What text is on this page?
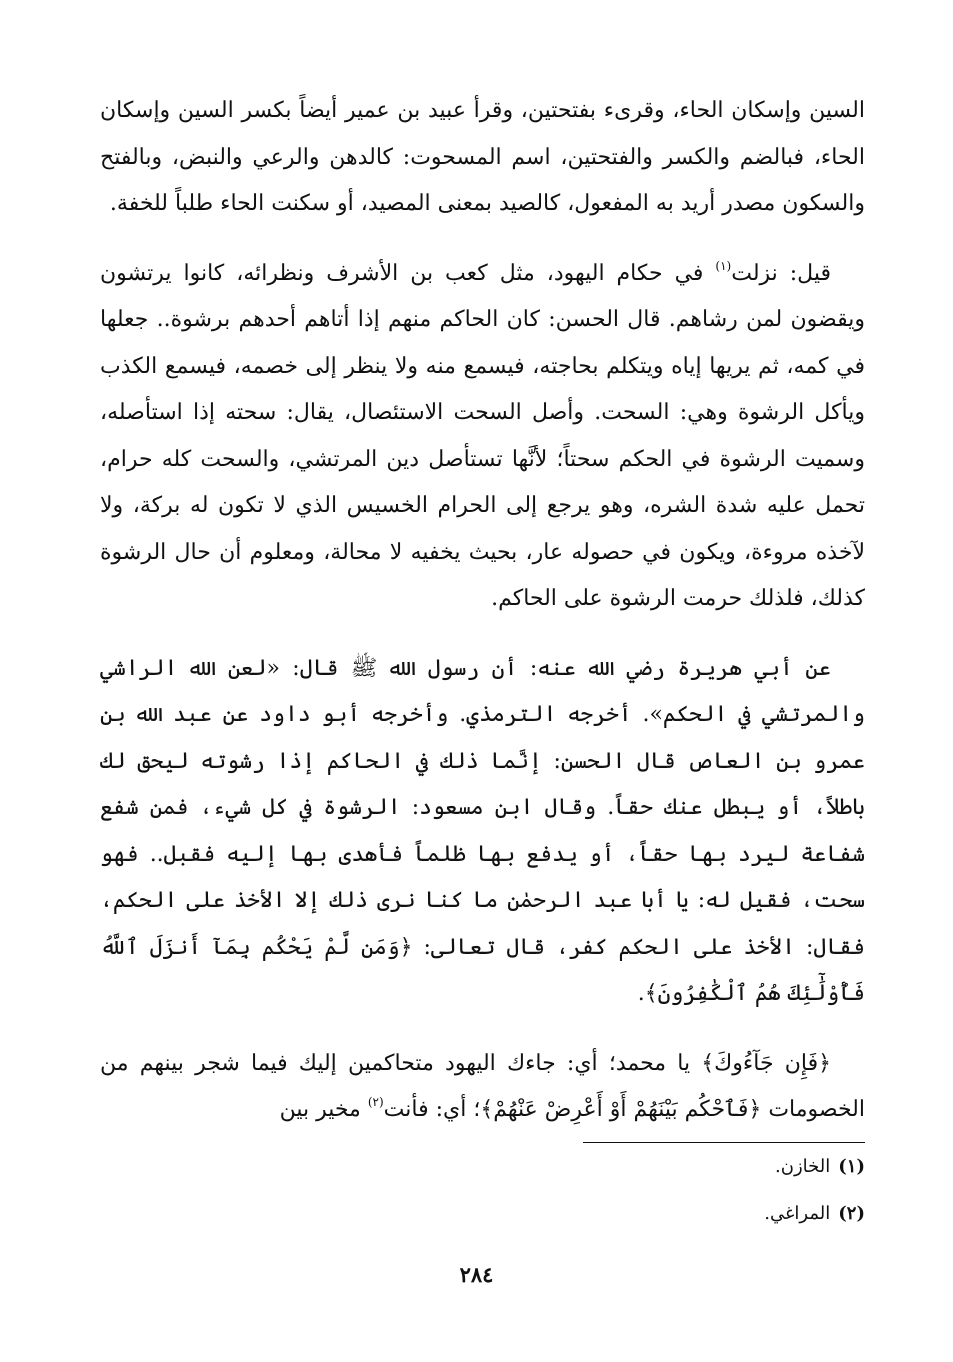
السين وإسكان الحاء، وقرىء بفتحتين، وقرأ عبيد بن عمير أيضاً بكسر السين وإسكان الحاء، فبالضم والكسر والفتحتين، اسم المسحوت: كالدهن والرعي والنبض، وبالفتح والسكون مصدر أريد به المفعول، كالصيد بمعنى المصيد، أو سكنت الحاء طلباً للخفة.

قيل: نزلت$^{(١)}$ في حكام اليهود، مثل كعب بن الأشرف ونظرائه، كانوا يرتشون ويقضون لمن رشاهم. قال الحسن: كان الحاكم منهم إذا أتاهم أحدهم برشوة.. جعلها في كمه، ثم يريها إياه ويتكلم بحاجته، فيسمع منه ولا ينظر إلى خصمه، فيسمع الكذب ويأكل الرشوة وهي: السحت. وأصل السحت الاستئصال، يقال: سحته إذا استأصله، وسميت الرشوة في الحكم سحتاً؛ لأنَّها تستأصل دين المرتشي، والسحت كله حرام، تحمل عليه شدة الشره، وهو يرجع إلى الحرام الخسيس الذي لا تكون له بركة، ولا لآخذه مروءة، ويكون في حصوله عار، بحيث يخفيه لا محالة، ومعلوم أن حال الرشوة كذلك، فلذلك حرمت الرشوة على الحاكم.

عن أبي هريرة رضي الله عنه: أن رسول الله ﷺ قال: «لعن الله الراشي والمرتشي في الحكم». أخرجه الترمذي. وأخرجه أبو داود عن عبد الله بن عمرو بن العاص قال الحسن: إنَّما ذلك في الحاكم إذا رشوته ليحق لك باطلاً، أو يبطل عنك حقاً. وقال ابن مسعود: الرشوة في كل شيء، فمن شفع شفاعة ليرد بها حقاً، أو يدفع بها ظلماً فأهدى بها إليه فقبل.. فهو سحت، فقيل له: يا أبا عبد الرحمٰن ما كنا نرى ذلك إلا الأخذ على الحكم، فقال: الأخذ على الحكم كفر، قال تعالى: ﴿وَمَن لَّمْ يَحْكُم بِمَآ أَنزَلَ ٱللَّهُ فَأُوْلَٰٓئِكَ هُمُ ٱلْكَٰفِرُونَ﴾.

﴿فَإِن جَآءُوكَ﴾ يا محمد؛ أي: جاءك اليهود متحاكمين إليك فيما شجر بينهم من الخصومات ﴿فَٱحْكُم بَيْنَهُمْ أَوْ أَعْرِضْ عَنْهُمْ﴾؛ أي: فأنت$^{(٢)}$ مخير بين

(١)الخازن.
(٢)المراغي.
٢٨٤
